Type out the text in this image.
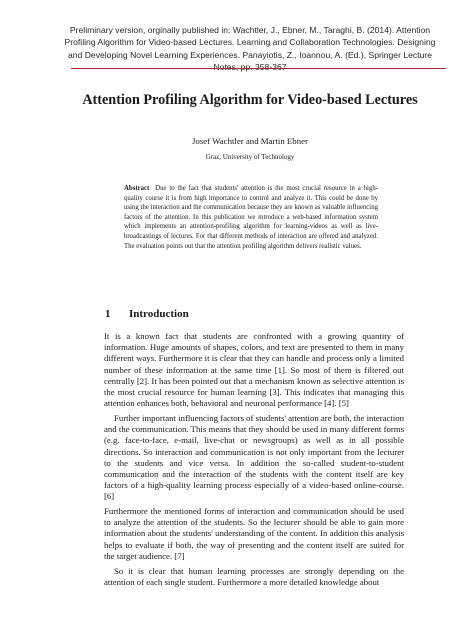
Preliminary version, orginally published in: Wachtler, J., Ebner, M., Taraghi, B. (2014). Attention Profiling Algorithm for Video-based Lectures. Learning and Collaboration Technologies. Designing and Developing Novel Learning Experiences. Panayiotis, Z., Ioannou, A. (Ed.), Springer Lecture Notes, pp. 358-367
Attention Profiling Algorithm for Video-based Lectures
Josef Wachtler and Martin Ebner
Graz, University of Technology
Abstract Due to the fact that students' attention is the most crucial resource in a high-quality course it is from high importance to control and analyze it. This could be done by using the interaction and the communication because they are known as valuable influencing factors of the attention. In this publication we introduce a web-based information system which implements an attention-profiling algorithm for learning-videos as well as live-broadcastings of lectures. For that different methods of interaction are offered and analyzed. The evaluation points out that the attention profiling algorithm delivers realistic values.
1 Introduction

It is a known fact that students are confronted with a growing quantity of information. Huge amounts of shapes, colors, and text are presented to them in many different ways. Furthermore it is clear that they can handle and process only a limited number of these information at the same time [1]. So most of them is filtered out centrally [2]. It has been pointed out that a mechanism known as selective attention is the most crucial resource for human learning [3]. This indicates that managing this attention enhances both, behavioral and neuronal performance [4]. [5]

Further important influencing factors of students' attention are both, the interaction and the communication. This means that they should be used in many different forms (e.g. face-to-face, e-mail, live-chat or newsgroups) as well as in all possible directions. So interaction and communication is not only important from the lecturer to the students and vice versa. In addition the so-called student-to-student communication and the interaction of the students with the content itself are key factors of a high-quality learning process especially of a video-based online-course. [6]

Furthermore the mentioned forms of interaction and communication should be used to analyze the attention of the students. So the lecturer should be able to gain more information about the students' understanding of the content. In addition this analysis helps to evaluate if both, the way of presenting and the content itself are suited for the target audience. [7]

So it is clear that human learning processes are strongly depending on the attention of each single student. Furthermore a more detailed knowledge about
